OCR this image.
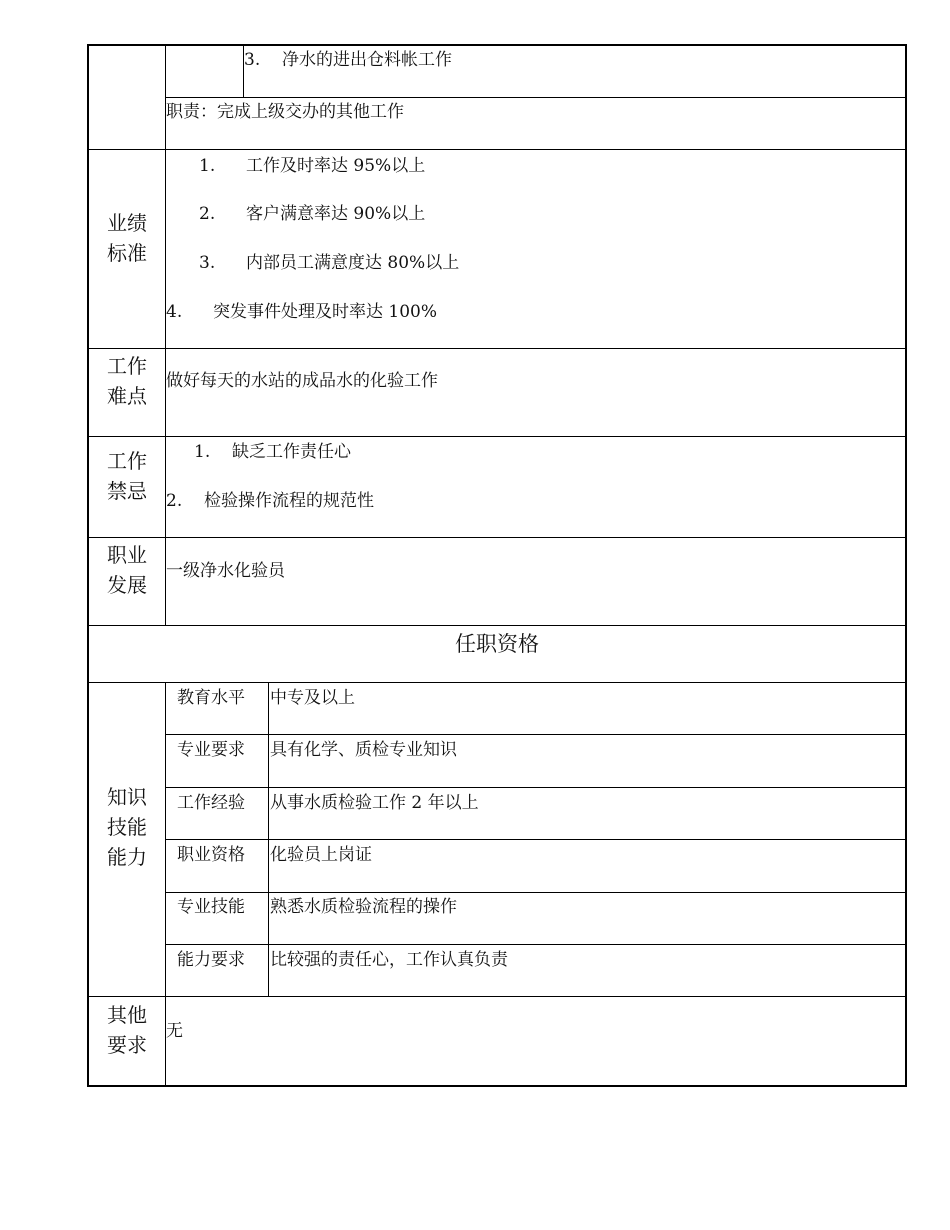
3. 净水的进出仓料帐工作
职责：完成上级交办的其他工作
业绩
标准
1. 工作及时率达 95%以上
2. 客户满意率达 90%以上
3. 内部员工满意度达 80%以上
4. 突发事件处理及时率达 100%
工作
难点
做好每天的水站的成品水的化验工作
工作
禁忌
1. 缺乏工作责任心
2. 检验操作流程的规范性
职业
发展
一级净水化验员
任职资格
知识
技能
能力
教育水平 中专及以上
专业要求 具有化学、质检专业知识
工作经验 从事水质检验工作 2 年以上
职业资格 化验员上岗证
专业技能 熟悉水质检验流程的操作
能力要求 比较强的责任心，工作认真负责
其他
要求
无
